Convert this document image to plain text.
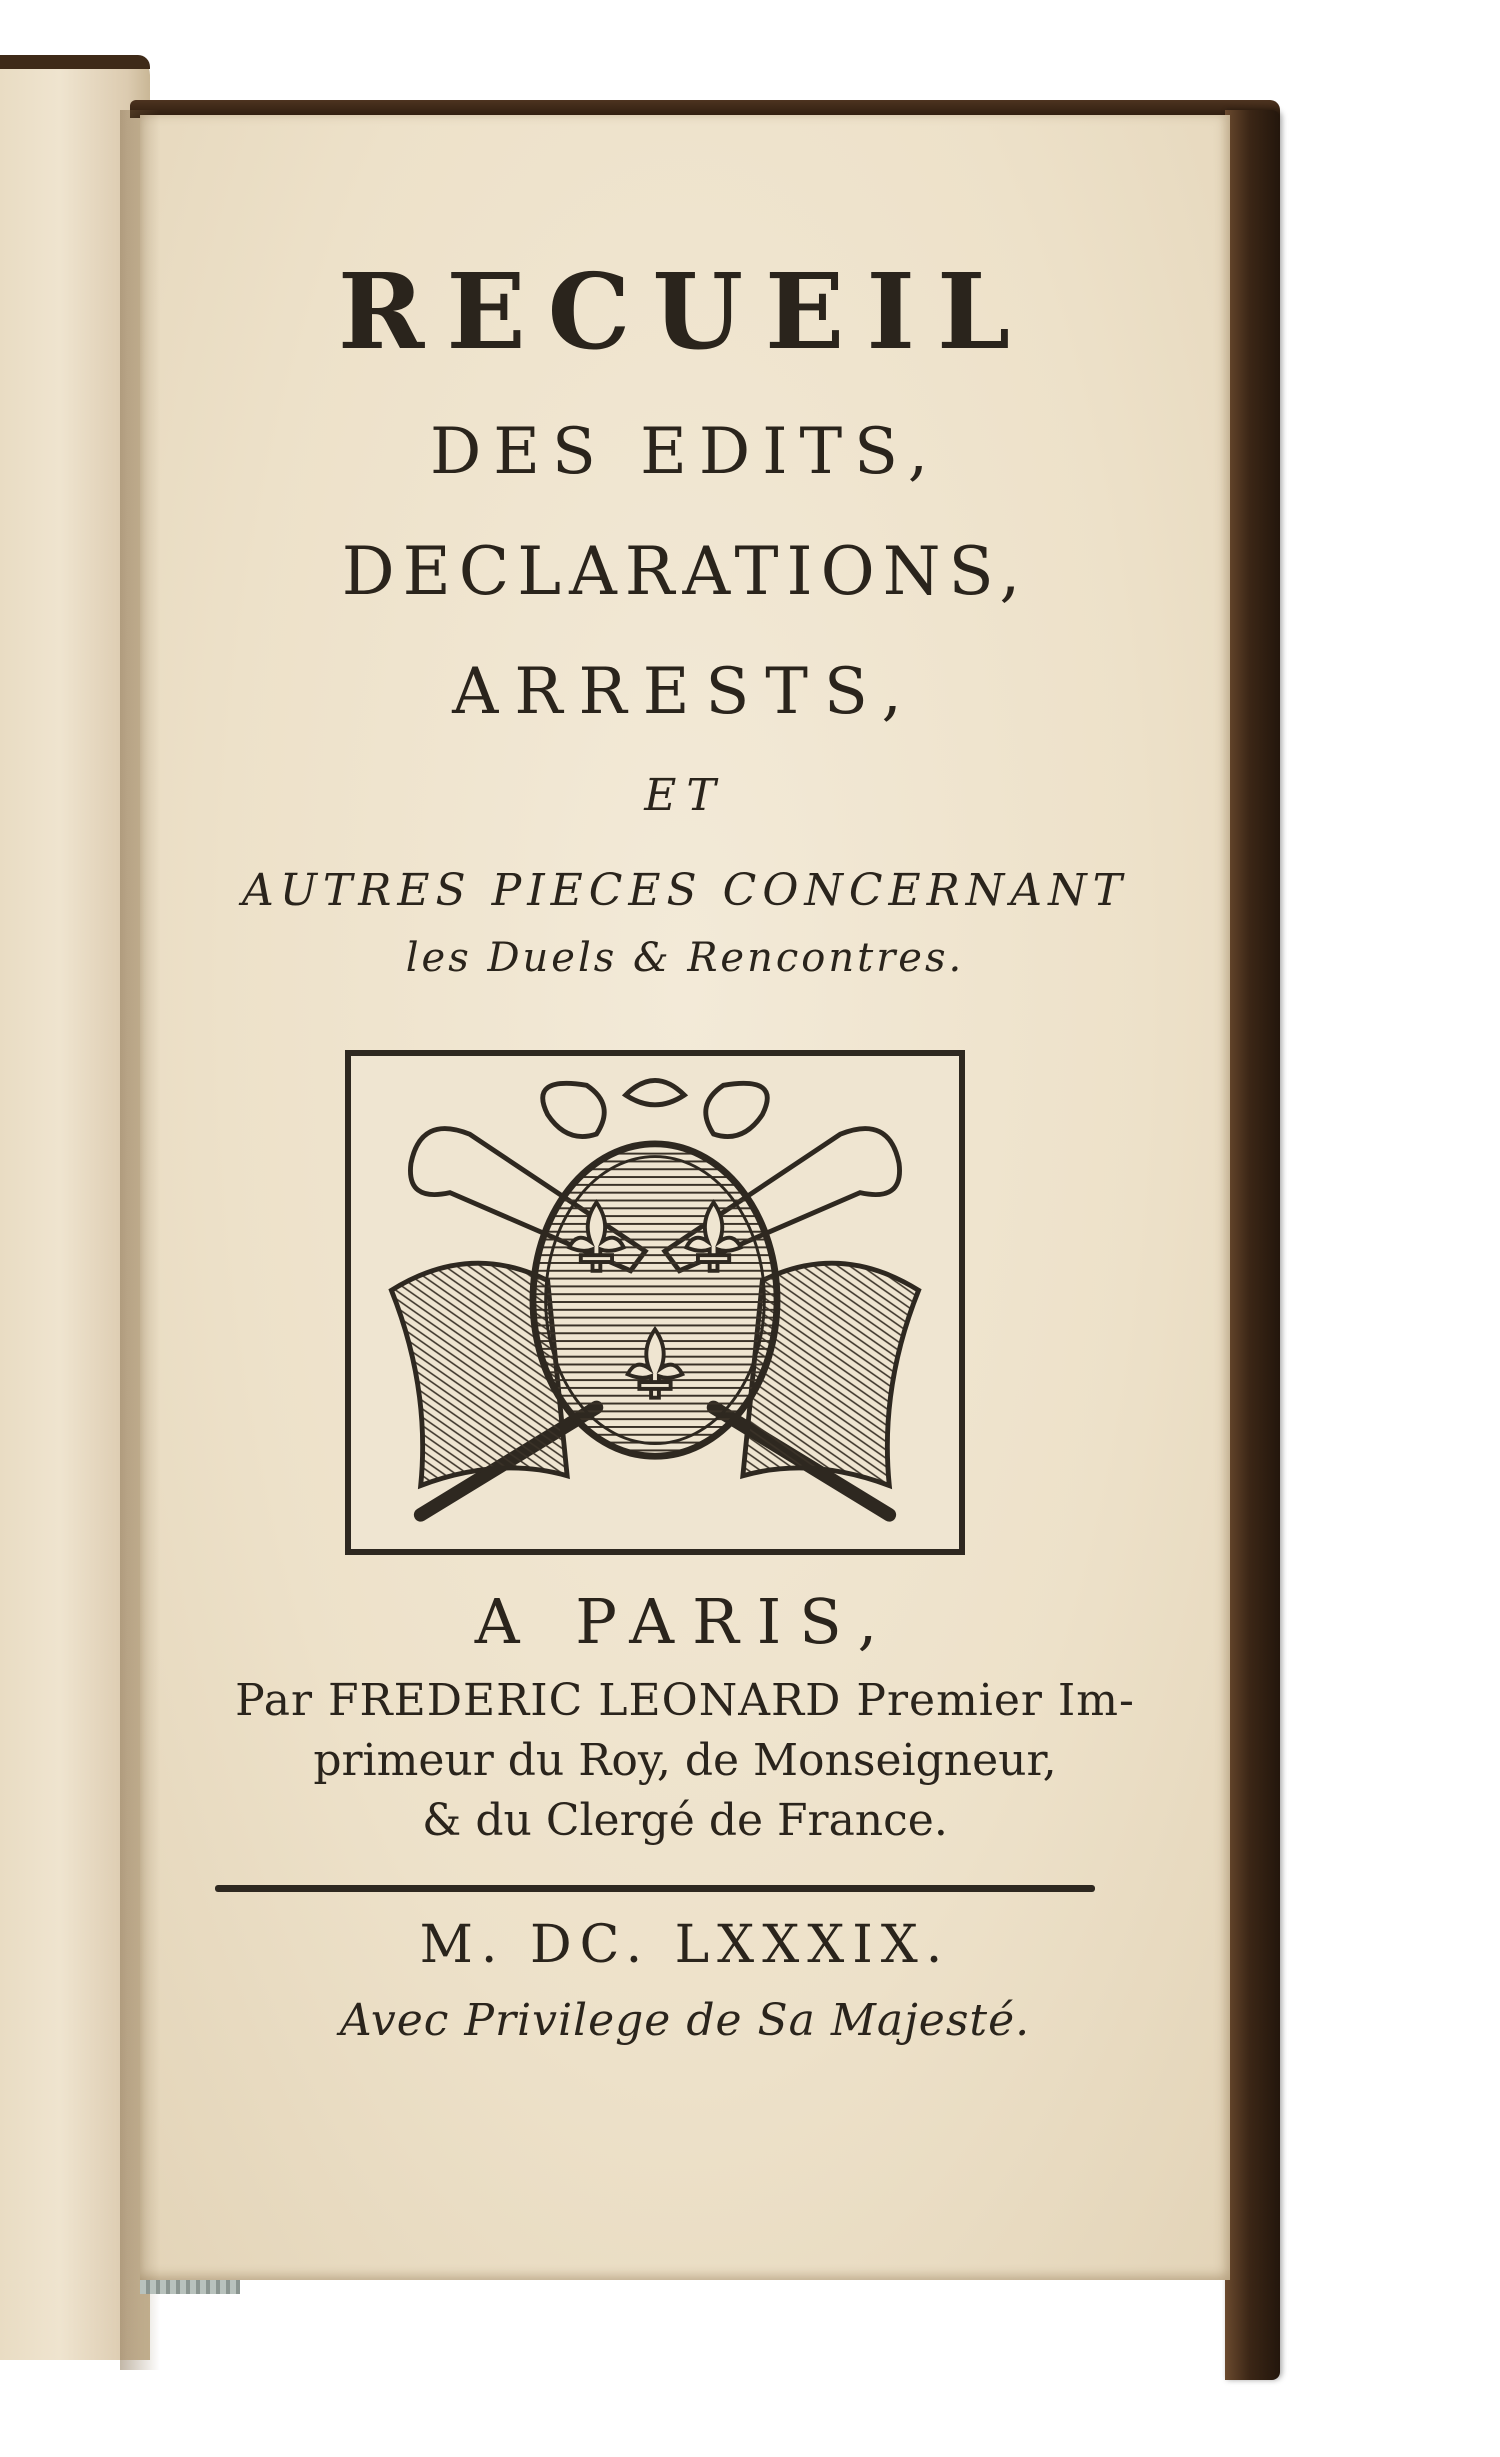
RECUEIL
DES EDITS,
DECLARATIONS,
ARRESTS,
ET
AUTRES PIECES CONCERNANT
les Duels & Rencontres.
A PARIS,
Par FREDERIC LEONARD Premier Im-
primeur du Roy, de Monseigneur,
& du Clergé de France.
M. DC. LXXXIX.
Avec Privilege de Sa Majesté.
